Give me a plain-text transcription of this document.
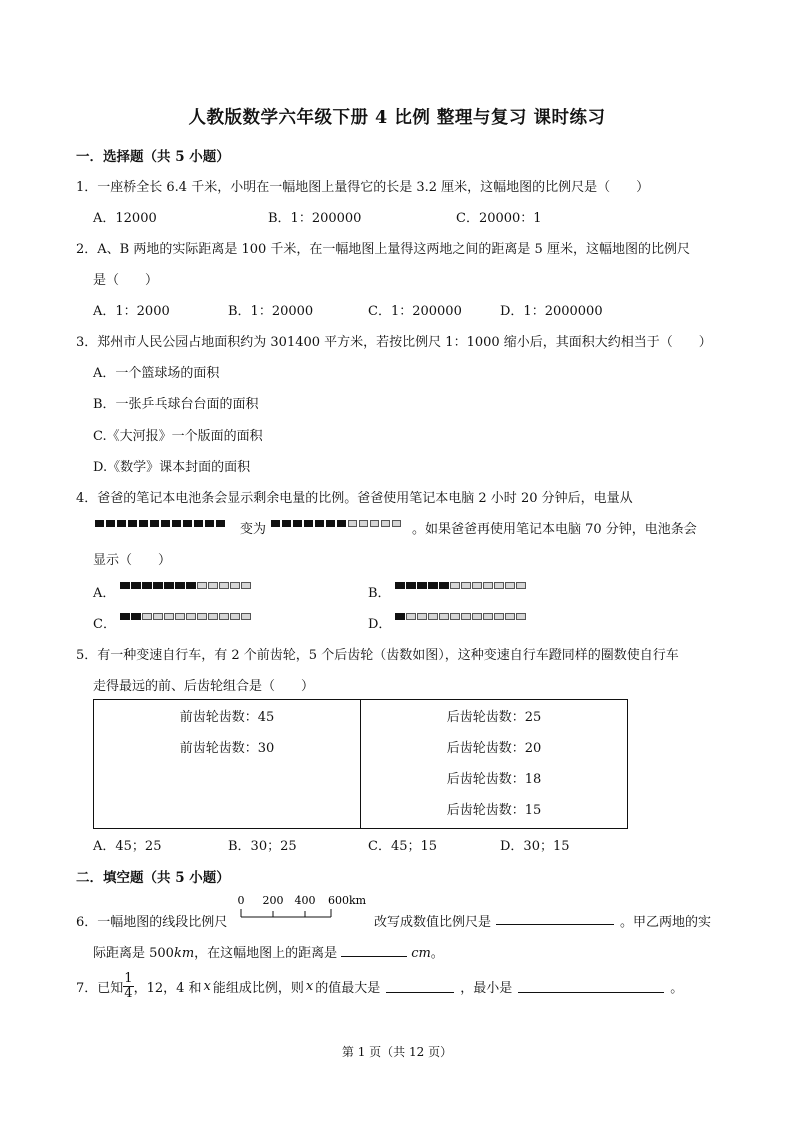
人教版数学六年级下册 4 比例 整理与复习 课时练习
一．选择题（共 5 小题）
1．一座桥全长 6.4 千米，小明在一幅地图上量得它的长是 3.2 厘米，这幅地图的比例尺是（　　）
A．12000	B．1：200000	C．20000：1
2．A、B 两地的实际距离是 100 千米，在一幅地图上量得这两地之间的距离是 5 厘米，这幅地图的比例尺
是（　　）
A．1：2000	B．1：20000	C．1：200000	D．1：2000000
3．郑州市人民公园占地面积约为 301400 平方米，若按比例尺 1：1000 缩小后，其面积大约相当于（　　）
A．一个篮球场的面积
B．一张乒乓球台台面的面积
C.《大河报》一个版面的面积
D.《数学》课本封面的面积
4．爸爸的笔记本电池条会显示剩余电量的比例。爸爸使用笔记本电脑 2 小时 20 分钟后，电量从
变为	。如果爸爸再使用笔记本电脑 70 分钟，电池条会
显示（　　）
A．	B．
C．	D．
5．有一种变速自行车，有 2 个前齿轮，5 个后齿轮（齿数如图），这种变速自行车蹬同样的圈数使自行车
走得最远的前、后齿轮组合是（　　）
前齿轮齿数：45
前齿轮齿数：30

后齿轮齿数：25
后齿轮齿数：20
后齿轮齿数：18
后齿轮齿数：15
A．45；25	B．30；25	C．45；15	D．30；15
二．填空题（共 5 小题）
6．一幅地图的线段比例尺
0 200 400 600km
改写成数值比例尺是	。甲乙两地的实
际距离是 500km，在这幅地图上的距离是	cm。
7．已知 $\frac{1}{4}$ ，12，4 和 x 能组成比例，则 x 的值最大是	，最小是	。
第 1 页（共 12 页）
